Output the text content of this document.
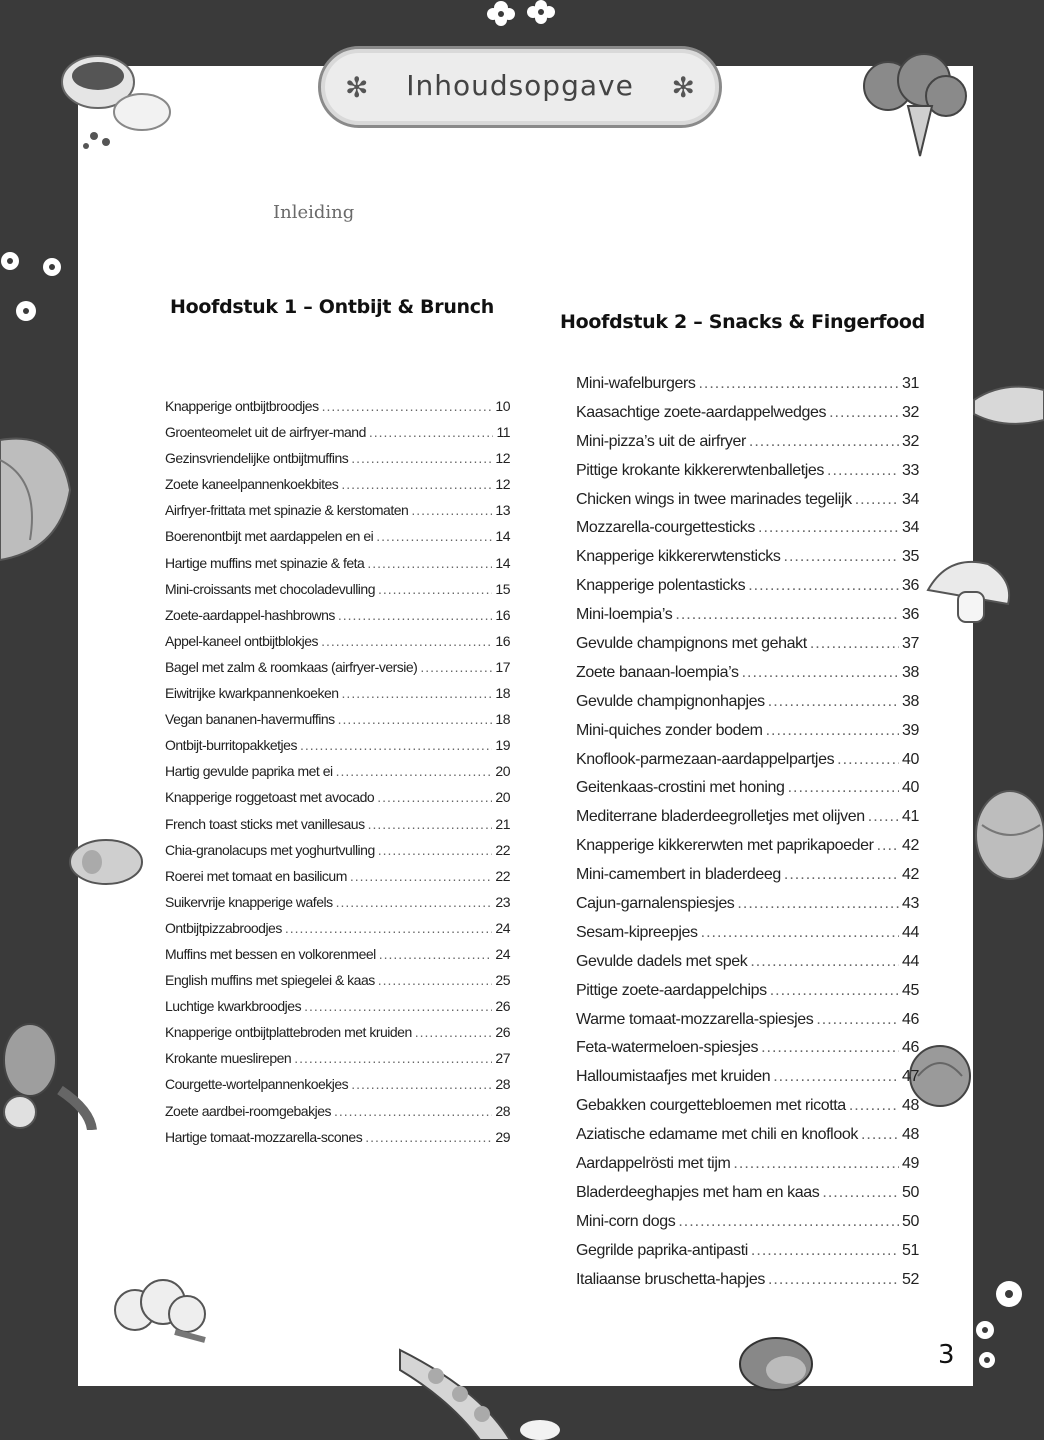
✻	Inhoudsopgave	✻
Inleiding
Hoofdstuk 1 – Ontbijt & Brunch
Hoofdstuk 2 – Snacks & Fingerfood
Knapperige ontbijtbroodjes .....	10
Groenteomelet uit de airfryer-mand .....	11
Gezinsvriendelijke ontbijtmuffins .....	12
Zoete kaneelpannenkoekbites .....	12
Airfryer-frittata met spinazie & kerstomaten .....	13
Boerenontbijt met aardappelen en ei .....	14
Hartige muffins met spinazie & feta .....	14
Mini-croissants met chocoladevulling .....	15
Zoete-aardappel-hashbrowns .....	16
Appel-kaneel ontbijtblokjes .....	16
Bagel met zalm & roomkaas (airfryer-versie) .....	17
Eiwitrijke kwarkpannenkoeken .....	18
Vegan bananen-havermuffins .....	18
Ontbijt-burritopakketjes .....	19
Hartig gevulde paprika met ei .....	20
Knapperige roggetoast met avocado .....	20
French toast sticks met vanillesaus .....	21
Chia-granolacups met yoghurtvulling .....	22
Roerei met tomaat en basilicum .....	22
Suikervrije knapperige wafels .....	23
Ontbijtpizzabroodjes .....	24
Muffins met bessen en volkorenmeel .....	24
English muffins met spiegelei & kaas .....	25
Luchtige kwarkbroodjes .....	26
Knapperige ontbijtplattebroden met kruiden .....	26
Krokante mueslirepen .....	27
Courgette-wortelpannenkoekjes .....	28
Zoete aardbei-roomgebakjes .....	28
Hartige tomaat-mozzarella-scones .....	29
Mini-wafelburgers .....	31
Kaasachtige zoete-aardappelwedges .....	32
Mini-pizza’s uit de airfryer .....	32
Pittige krokante kikkererwtenballetjes .....	33
Chicken wings in twee marinades tegelijk .....	34
Mozzarella-courgettesticks .....	34
Knapperige kikkererwtensticks .....	35
Knapperige polentasticks .....	36
Mini-loempia’s .....	36
Gevulde champignons met gehakt .....	37
Zoete banaan-loempia’s .....	38
Gevulde champignonhapjes .....	38
Mini-quiches zonder bodem .....	39
Knoflook-parmezaan-aardappelpartjes .....	40
Geitenkaas-crostini met honing .....	40
Mediterrane bladerdeegrolletjes met olijven ..... 41
Knapperige kikkererwten met paprikapoeder ..... 42
Mini-camembert in bladerdeeg .....	42
Cajun-garnalenspiesjes .....	43
Sesam-kipreepjes .....	44
Gevulde dadels met spek .....	44
Pittige zoete-aardappelchips .....	45
Warme tomaat-mozzarella-spiesjes .....	46
Feta-watermeloen-spiesjes .....	46
Halloumistaafjes met kruiden .....	47
Gebakken courgettebloemen met ricotta .....	48
Aziatische edamame met chili en knoflook .....	48
Aardappelrösti met tijm .....	49
Bladerdeeghapjes met ham en kaas .....	50
Mini-corn dogs .....	50
Gegrilde paprika-antipasti .....	51
Italiaanse bruschetta-hapjes .....	52
3
